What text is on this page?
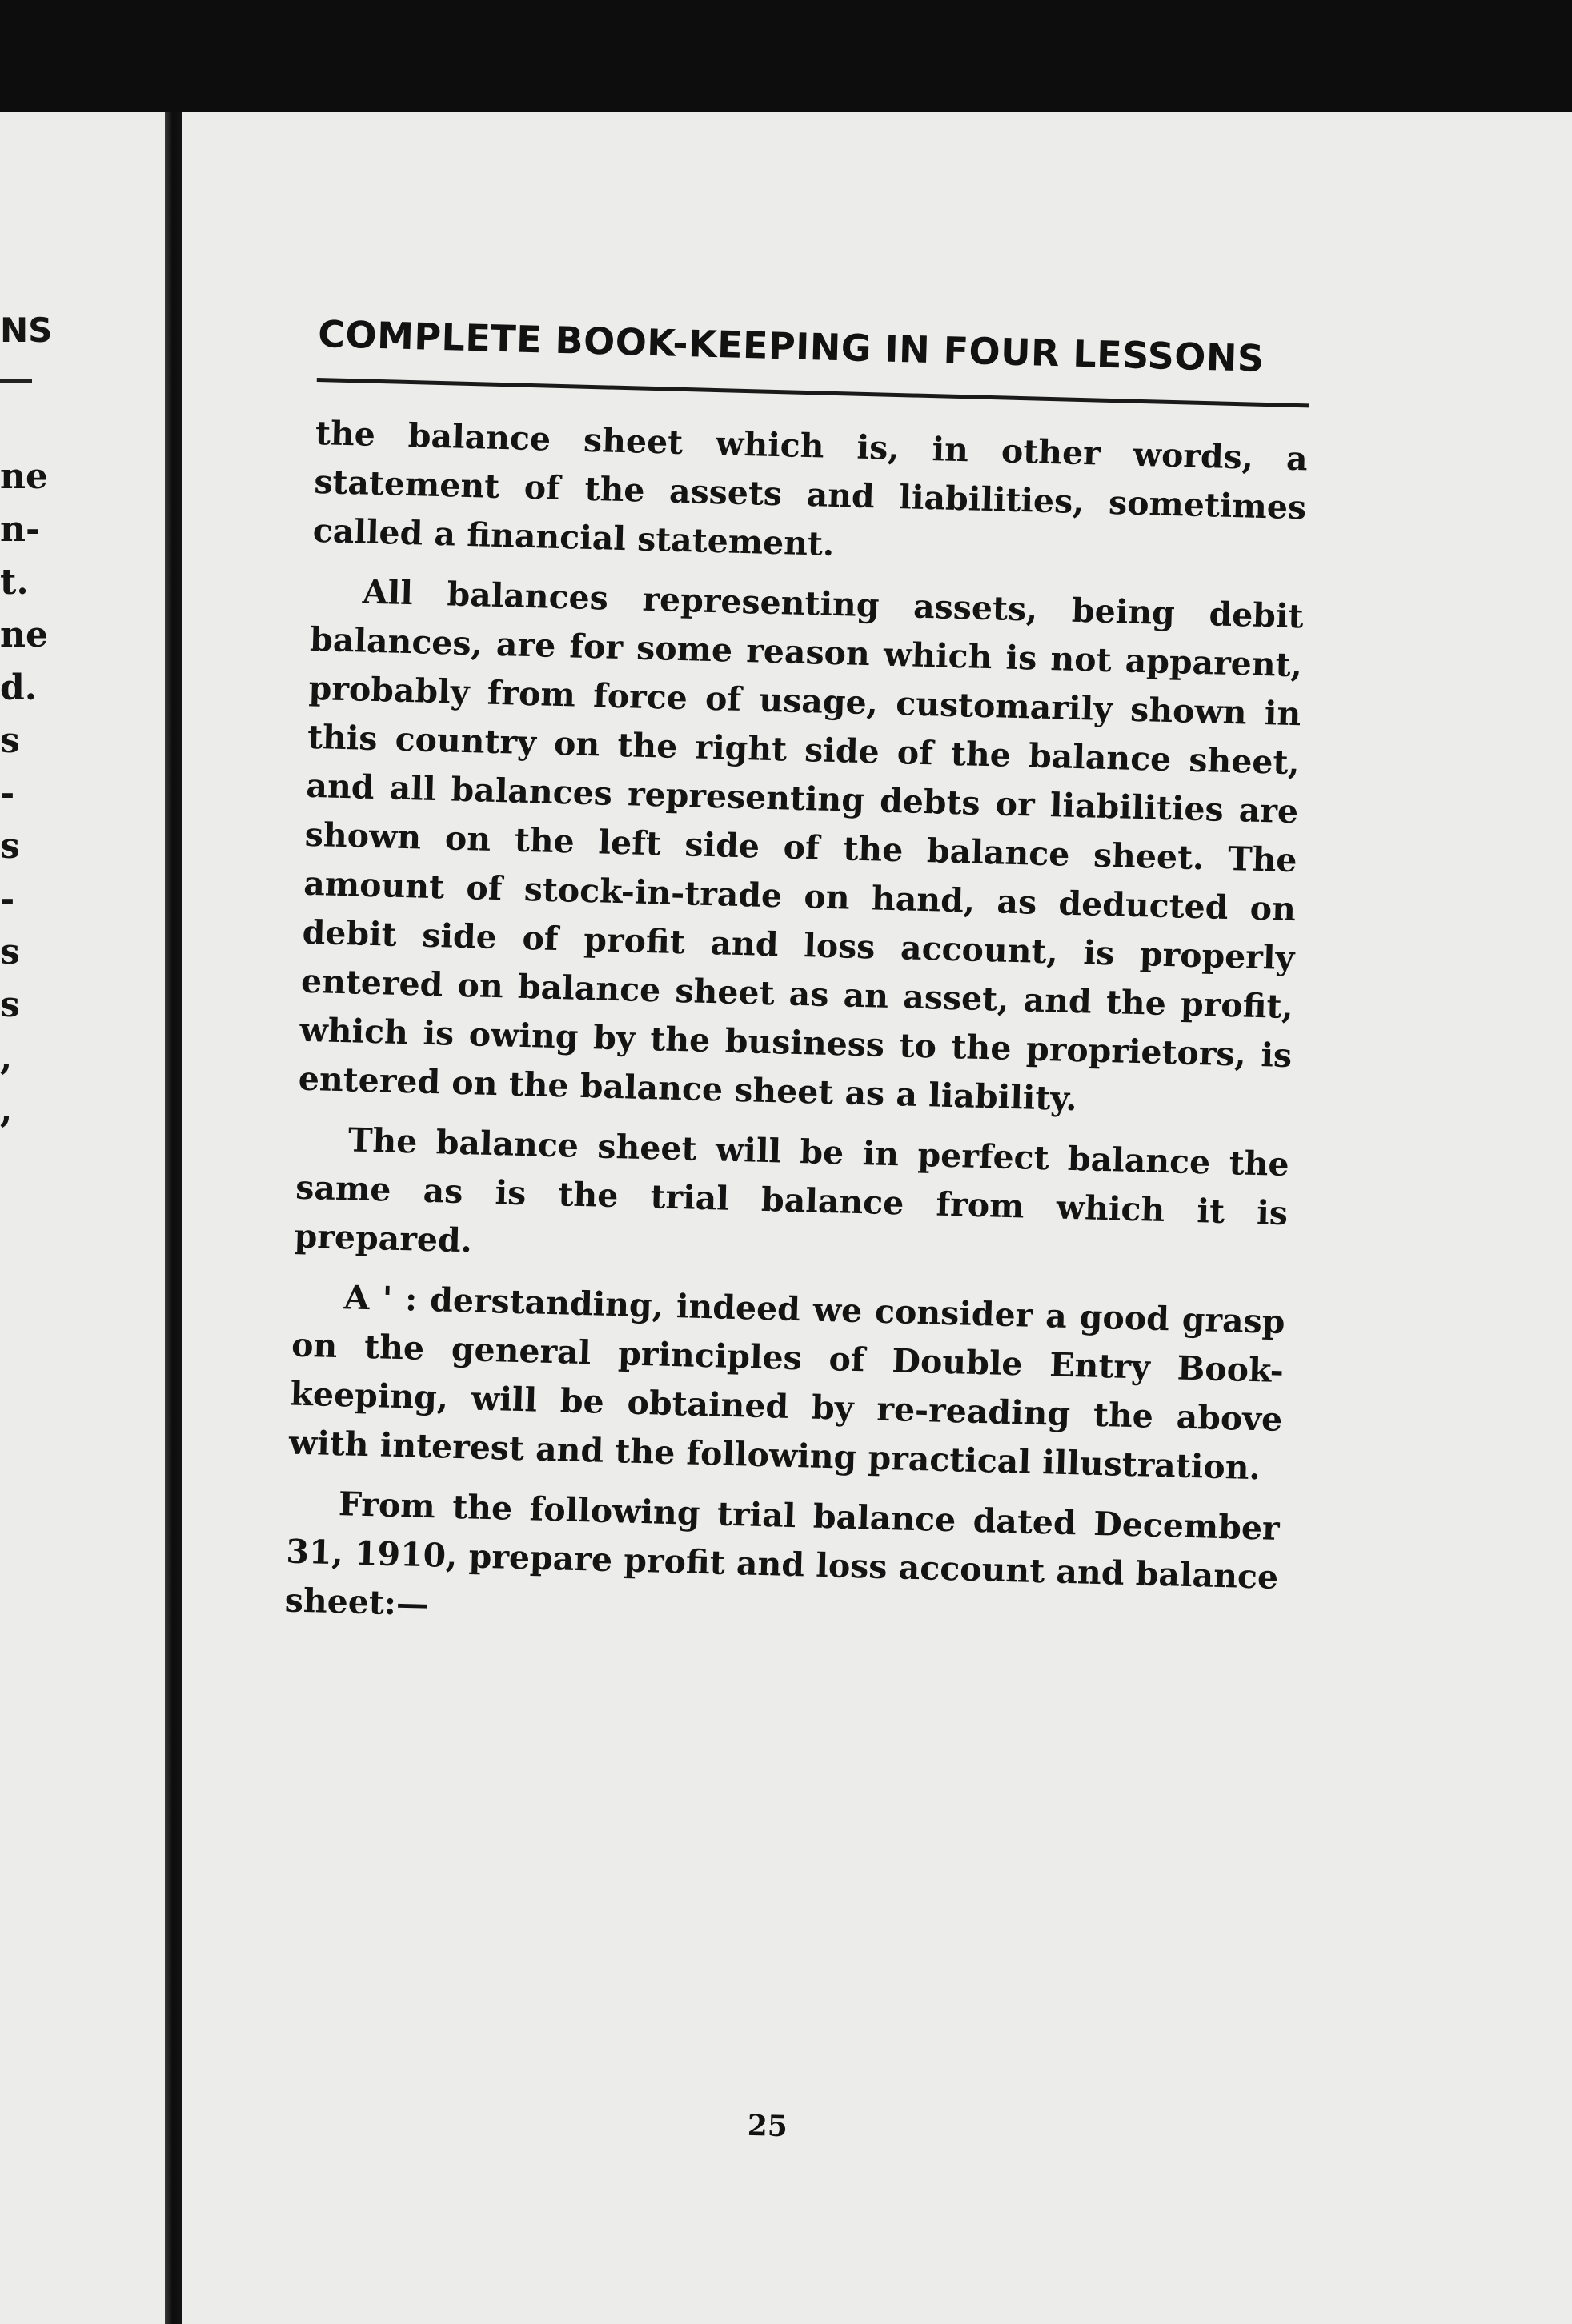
NS
ne
n-
t.
ne
d.
s
-
s
-
s
s
,
,
COMPLETE BOOK-KEEPING IN FOUR LESSONS

the balance sheet which is, in other words, a statement of the assets and liabilities, sometimes called a financial statement.

All balances representing assets, being debit balances, are for some reason which is not apparent, probably from force of usage, customarily shown in this country on the right side of the balance sheet, and all balances representing debts or liabilities are shown on the left side of the balance sheet. The amount of stock-in-trade on hand, as deducted on debit side of profit and loss account, is properly entered on balance sheet as an asset, and the profit, which is owing by the business to the proprietors, is entered on the balance sheet as a liability.

The balance sheet will be in perfect balance the same as is the trial balance from which it is prepared.

A ' : derstanding, indeed we consider a good grasp on the general principles of Double Entry Book-keeping, will be obtained by re-reading the above with interest and the following practical illustration.

From the following trial balance dated December 31, 1910, prepare profit and loss account and balance sheet:—

25
